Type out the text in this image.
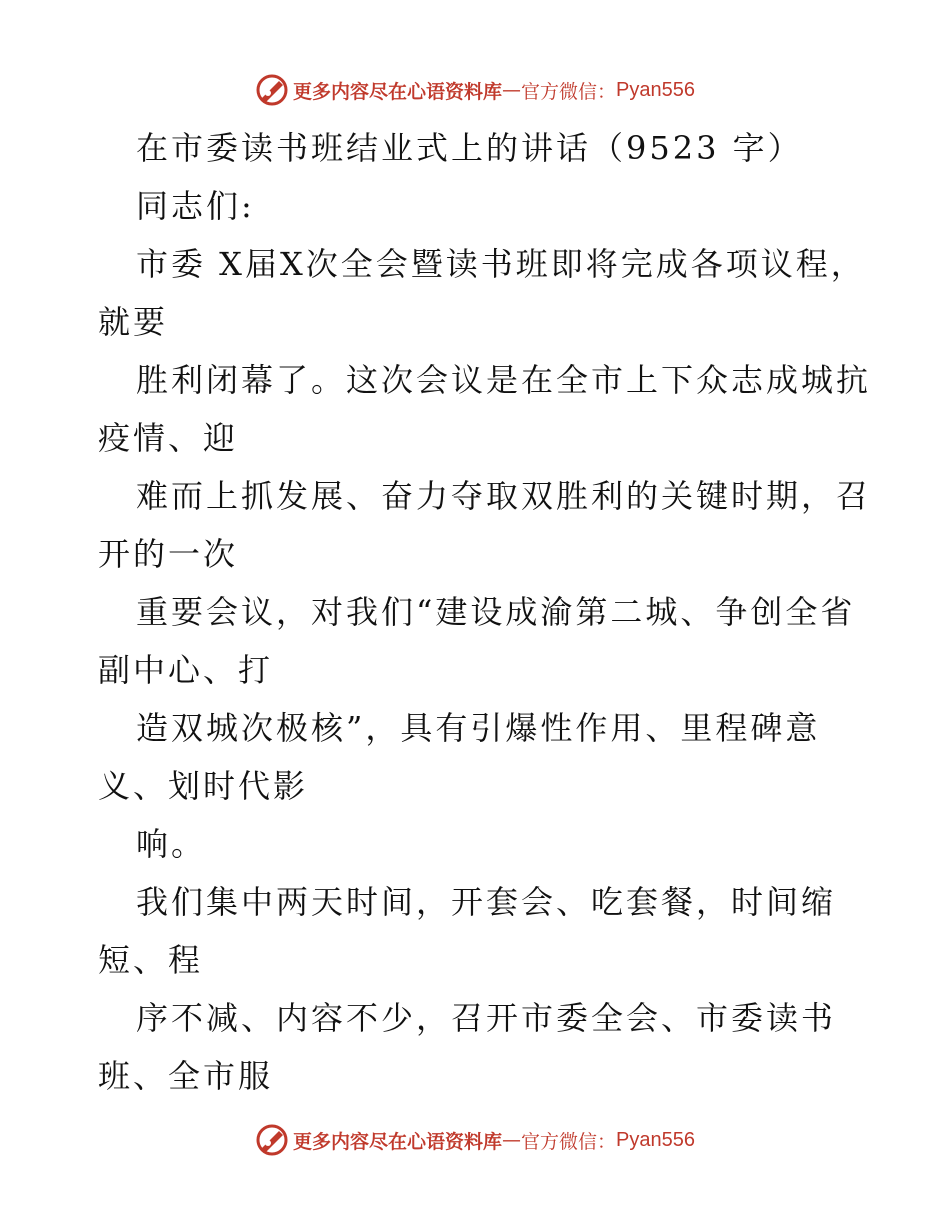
更多内容尽在心语资料库 — 官方微信： Pyan556
在市委读书班结业式上的讲话（9523 字）
同志们:
市委 X届X次全会暨读书班即将完成各项议程，
就要
胜利闭幕了。这次会议是在全市上下众志成城抗
疫情、迎
难而上抓发展、奋力夺取双胜利的关键时期，召
开的一次
重要会议，对我们“建设成渝第二城、争创全省
副中心、打
造双城次极核”，具有引爆性作用、里程碑意
义、划时代影
响。
我们集中两天时间，开套会、吃套餐，时间缩
短、程
序不减、内容不少，召开市委全会、市委读书
班、全市服
更多内容尽在心语资料库 — 官方微信： Pyan556
